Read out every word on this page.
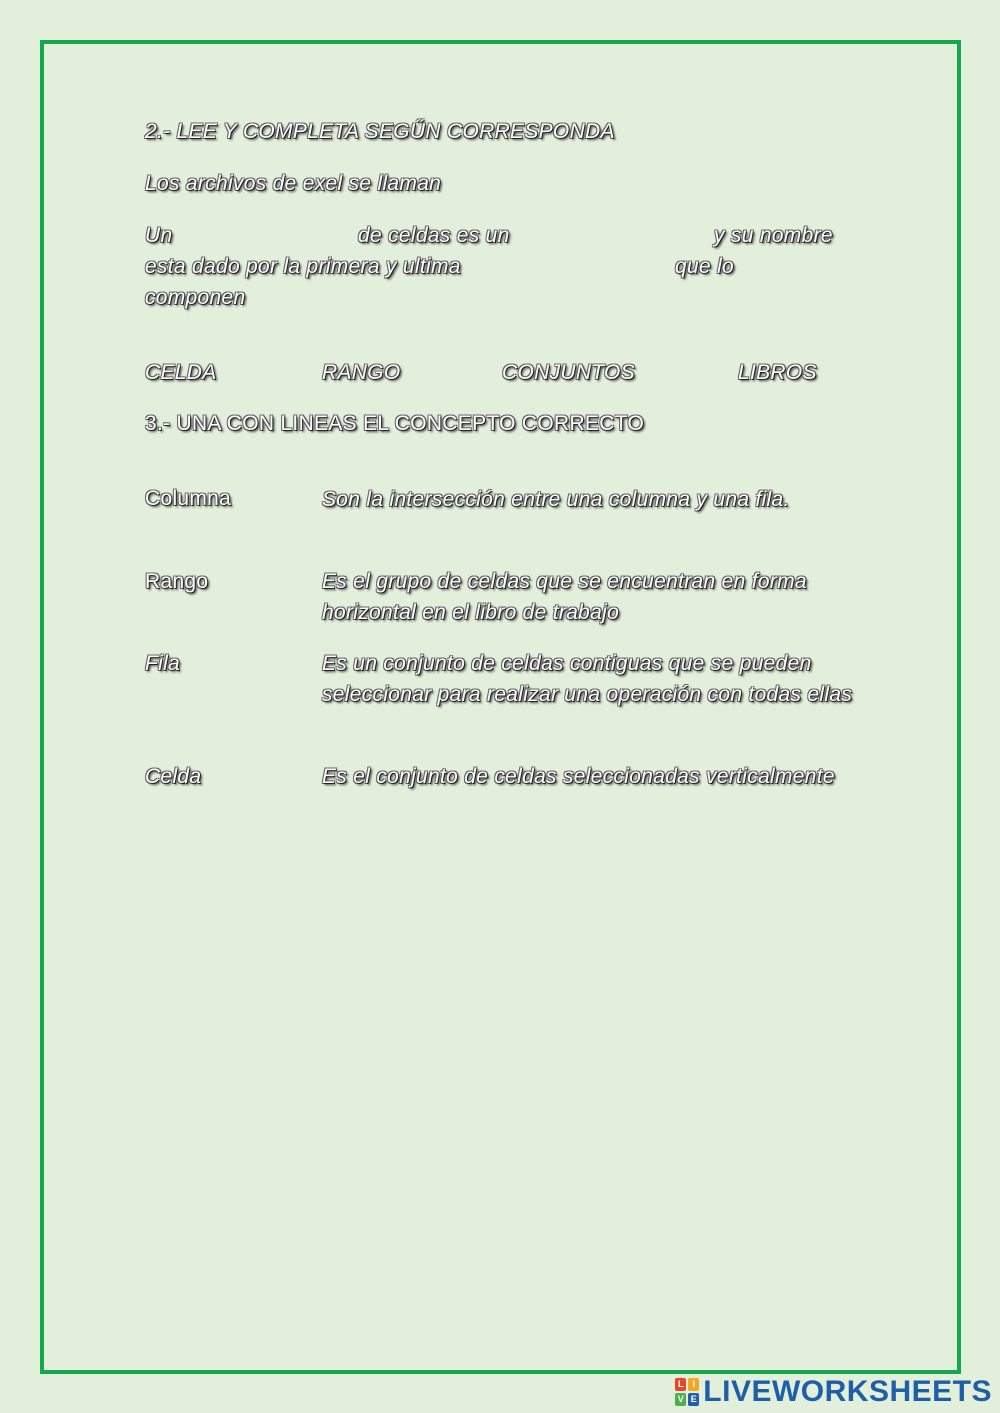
2.- LEE Y COMPLETA SEGŰN CORRESPONDA
Los archivos de exel se llaman
Un	de celdas es un	y su nombre
esta dado por la primera y ultima	que lo
componen
CELDA	RANGO	CONJUNTOS	LIBROS
3.- UNA CON LINEAS EL CONCEPTO CORRECTO
Columna	Son la intersección entre una columna y una fila.
Rango	Es el grupo de celdas que se encuentran en forma horizontal en el libro de trabajo
Fila	Es un conjunto de celdas contiguas que se pueden seleccionar para realizar una operación con todas ellas
Celda	Es el conjunto de celdas seleccionadas verticalmente
L I
V E LIVEWORKSHEETS
